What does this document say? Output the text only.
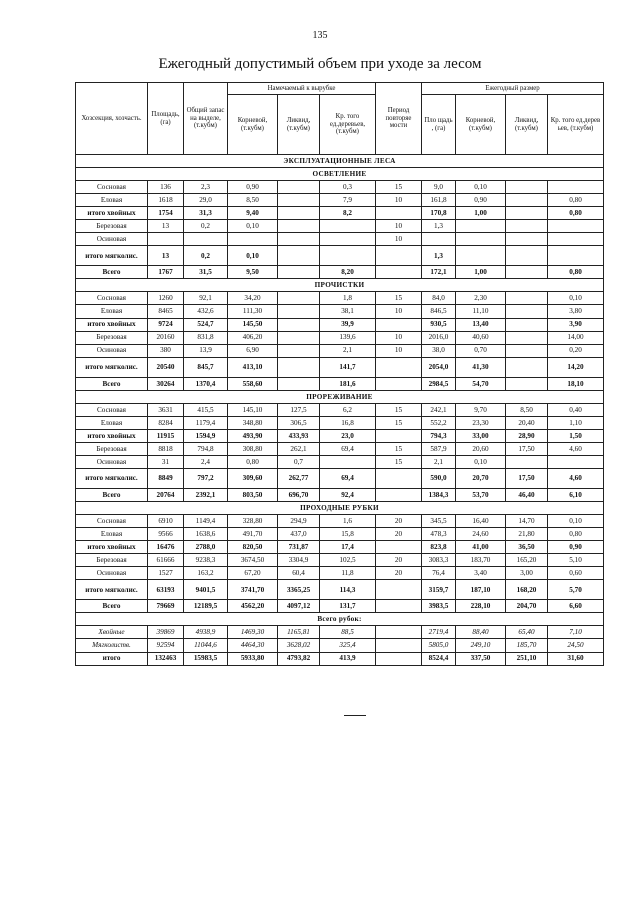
135
Ежегодный допустимый объем при уходе за лесом
Хозсекция, хозчасть.	Площадь, (га)	Общий запас на выделе, (т.кубм)	Намечаемый к вырубке			Период повторяе мости	Ежегодный размер			
			Корневой, (т.кубм)	Ликвид, (т.кубм)	Кр. того ед.деревьев, (т.кубм)		Пло щадь , (га)	Корневой, (т.кубм)	Ликвид, (т.кубм)	Кр. того ед.дерев ьев, (т.кубм)
ЭКСПЛУАТАЦИОННЫЕ ЛЕСА										
ОСВЕТЛЕНИЕ										
Сосновая	136	2,3	0,90		0,3	15	9,0	0,10		
Еловая	1618	29,0	8,50		7,9	10	161,8	0,90		0,80
итого хвойных	1754	31,3	9,40		8,2		170,8	1,00		0,80
Березовая	13	0,2	0,10			10	1,3			
Осиновая						10				
итого мягколис.	13	0,2	0,10				1,3			
Всего	1767	31,5	9,50		8,20		172,1	1,00		0,80
ПРОЧИСТКИ										
Сосновая	1260	92,1	34,20		1,8	15	84,0	2,30		0,10
Еловая	8465	432,6	111,30		38,1	10	846,5	11,10		3,80
итого хвойных	9724	524,7	145,50		39,9		930,5	13,40		3,90
Березовая	20160	831,8	406,20		139,6	10	2016,0	40,60		14,00
Осиновая	380	13,9	6,90		2,1	10	38,0	0,70		0,20
итого мягколис.	20540	845,7	413,10		141,7		2054,0	41,30		14,20
Всего	30264	1370,4	558,60		181,6		2984,5	54,70		18,10
ПРОРЕЖИВАНИЕ										
Сосновая	3631	415,5	145,10	127,5	6,2	15	242,1	9,70	8,50	0,40
Еловая	8284	1179,4	348,80	306,5	16,8	15	552,2	23,30	20,40	1,10
итого хвойных	11915	1594,9	493,90	433,93	23,0		794,3	33,00	28,90	1,50
Березовая	8818	794,8	308,80	262,1	69,4	15	587,9	20,60	17,50	4,60
Осиновая	31	2,4	0,80	0,7		15	2,1	0,10		
итого мягколис.	8849	797,2	309,60	262,77	69,4		590,0	20,70	17,50	4,60
Всего	20764	2392,1	803,50	696,70	92,4		1384,3	53,70	46,40	6,10
ПРОХОДНЫЕ РУБКИ										
Сосновая	6910	1149,4	328,80	294,9	1,6	20	345,5	16,40	14,70	0,10
Еловая	9566	1638,6	491,70	437,0	15,8	20	478,3	24,60	21,80	0,80
итого хвойных	16476	2788,0	820,50	731,87	17,4		823,8	41,00	36,50	0,90
Березовая	61666	9238,3	3674,50	3304,9	102,5	20	3083,3	183,70	165,20	5,10
Осиновая	1527	163,2	67,20	60,4	11,8	20	76,4	3,40	3,00	0,60
итого мягколис.	63193	9401,5	3741,70	3365,25	114,3		3159,7	187,10	168,20	5,70
Всего	79669	12189,5	4562,20	4097,12	131,7		3983,5	228,10	204,70	6,60
Всего рубок:										
Хвойные	39869	4938,9	1469,30	1165,81	88,5		2719,4	88,40	65,40	7,10
Мягколиств.	92594	11044,6	4464,30	3628,02	325,4		5805,0	249,10	185,70	24,50
итого	132463	15983,5	5933,80	4793,82	413,9		8524,4	337,50	251,10	31,60
